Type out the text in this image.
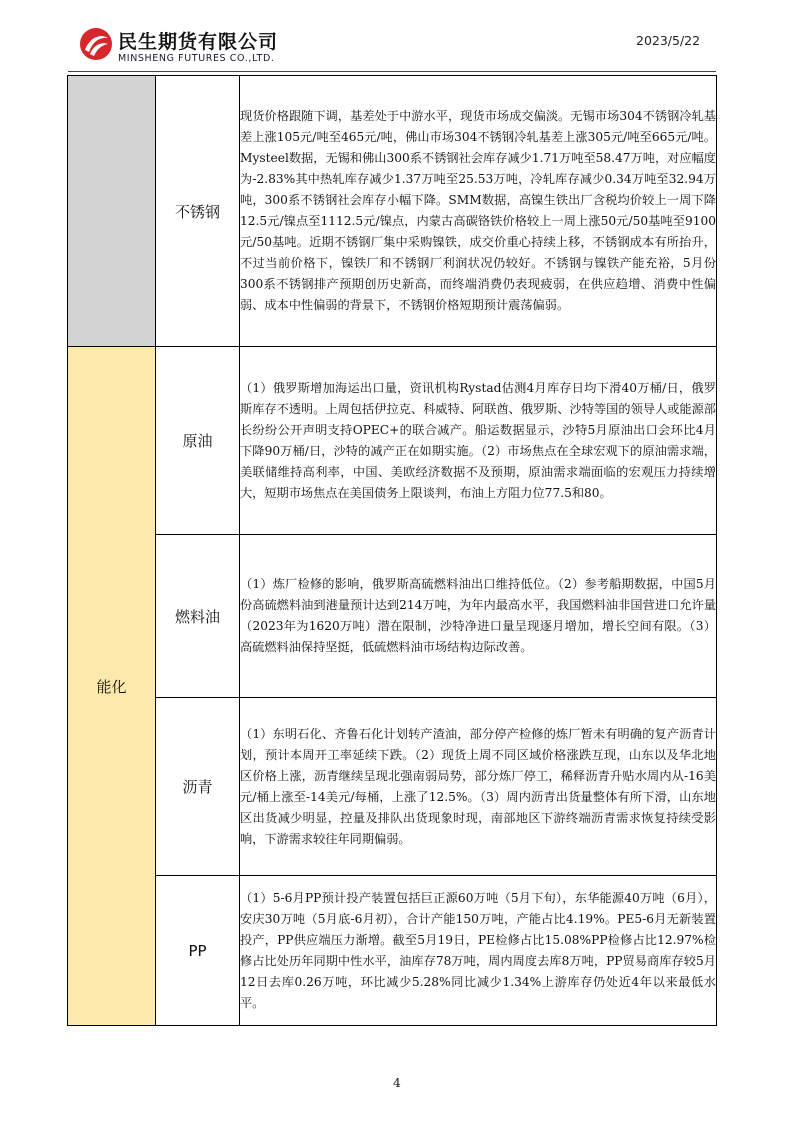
民生期货有限公司
MINSHENG FUTURES CO.,LTD.
2023/5/22
	不锈钢	现货价格跟随下调，基差处于中游水平，现货市场成交偏淡。无锡市场304不锈钢冷轧基差上涨105元/吨至465元/吨，佛山市场304不锈钢冷轧基差上涨305元/吨至665元/吨。Mysteel数据，无锡和佛山300系不锈钢社会库存减少1.71万吨至58.47万吨，对应幅度为-2.83%其中热轧库存减少1.37万吨至25.53万吨，冷轧库存减少0.34万吨至32.94万吨，300系不锈钢社会库存小幅下降。SMM数据，高镍生铁出厂含税均价较上一周下降12.5元/镍点至1112.5元/镍点，内蒙古高碳铬铁价格较上一周上涨50元/50基吨至9100元/50基吨。近期不锈钢厂集中采购镍铁，成交价重心持续上移，不锈钢成本有所抬升，不过当前价格下，镍铁厂和不锈钢厂利润状况仍较好。不锈钢与镍铁产能充裕，5月份300系不锈钢排产预期创历史新高，而终端消费仍表现疲弱，在供应趋增、消费中性偏弱、成本中性偏弱的背景下，不锈钢价格短期预计震荡偏弱。

能化	原油	（1）俄罗斯增加海运出口量，资讯机构Rystad估测4月库存日均下滑40万桶/日，俄罗斯库存不透明。上周包括伊拉克、科威特、阿联酋、俄罗斯、沙特等国的领导人或能源部长纷纷公开声明支持OPEC+的联合减产。船运数据显示，沙特5月原油出口会环比4月下降90万桶/日，沙特的减产正在如期实施。（2）市场焦点在全球宏观下的原油需求端，美联储维持高利率，中国、美欧经济数据不及预期，原油需求端面临的宏观压力持续增大，短期市场焦点在美国债务上限谈判，布油上方阻力位77.5和80。

	燃料油	（1）炼厂检修的影响，俄罗斯高硫燃料油出口维持低位。（2）参考船期数据，中国5月份高硫燃料油到港量预计达到214万吨，为年内最高水平，我国燃料油非国营进口允许量（2023年为1620万吨）潜在限制，沙特净进口量呈现逐月增加，增长空间有限。（3）高硫燃料油保持坚挺，低硫燃料油市场结构边际改善。

	沥青	（1）东明石化、齐鲁石化计划转产渣油，部分停产检修的炼厂暂未有明确的复产沥青计划，预计本周开工率延续下跌。（2）现货上周不同区域价格涨跌互现，山东以及华北地区价格上涨，沥青继续呈现北强南弱局势，部分炼厂停工，稀释沥青升贴水周内从-16美元/桶上涨至-14美元/每桶，上涨了12.5%。（3）周内沥青出货量整体有所下滑，山东地区出货减少明显，控量及排队出货现象时现，南部地区下游终端沥青需求恢复持续受影响，下游需求较往年同期偏弱。

	PP	（1）5-6月PP预计投产装置包括巨正源60万吨（5月下旬），东华能源40万吨（6月），安庆30万吨（5月底-6月初），合计产能150万吨，产能占比4.19%。PE5-6月无新装置投产，PP供应端压力渐增。截至5月19日，PE检修占比15.08%PP检修占比12.97%检修占比处历年同期中性水平，油库存78万吨，周内周度去库8万吨，PP贸易商库存较5月12日去库0.26万吨，环比减少5.28%同比减少1.34%上游库存仍处近4年以来最低水平。
4
